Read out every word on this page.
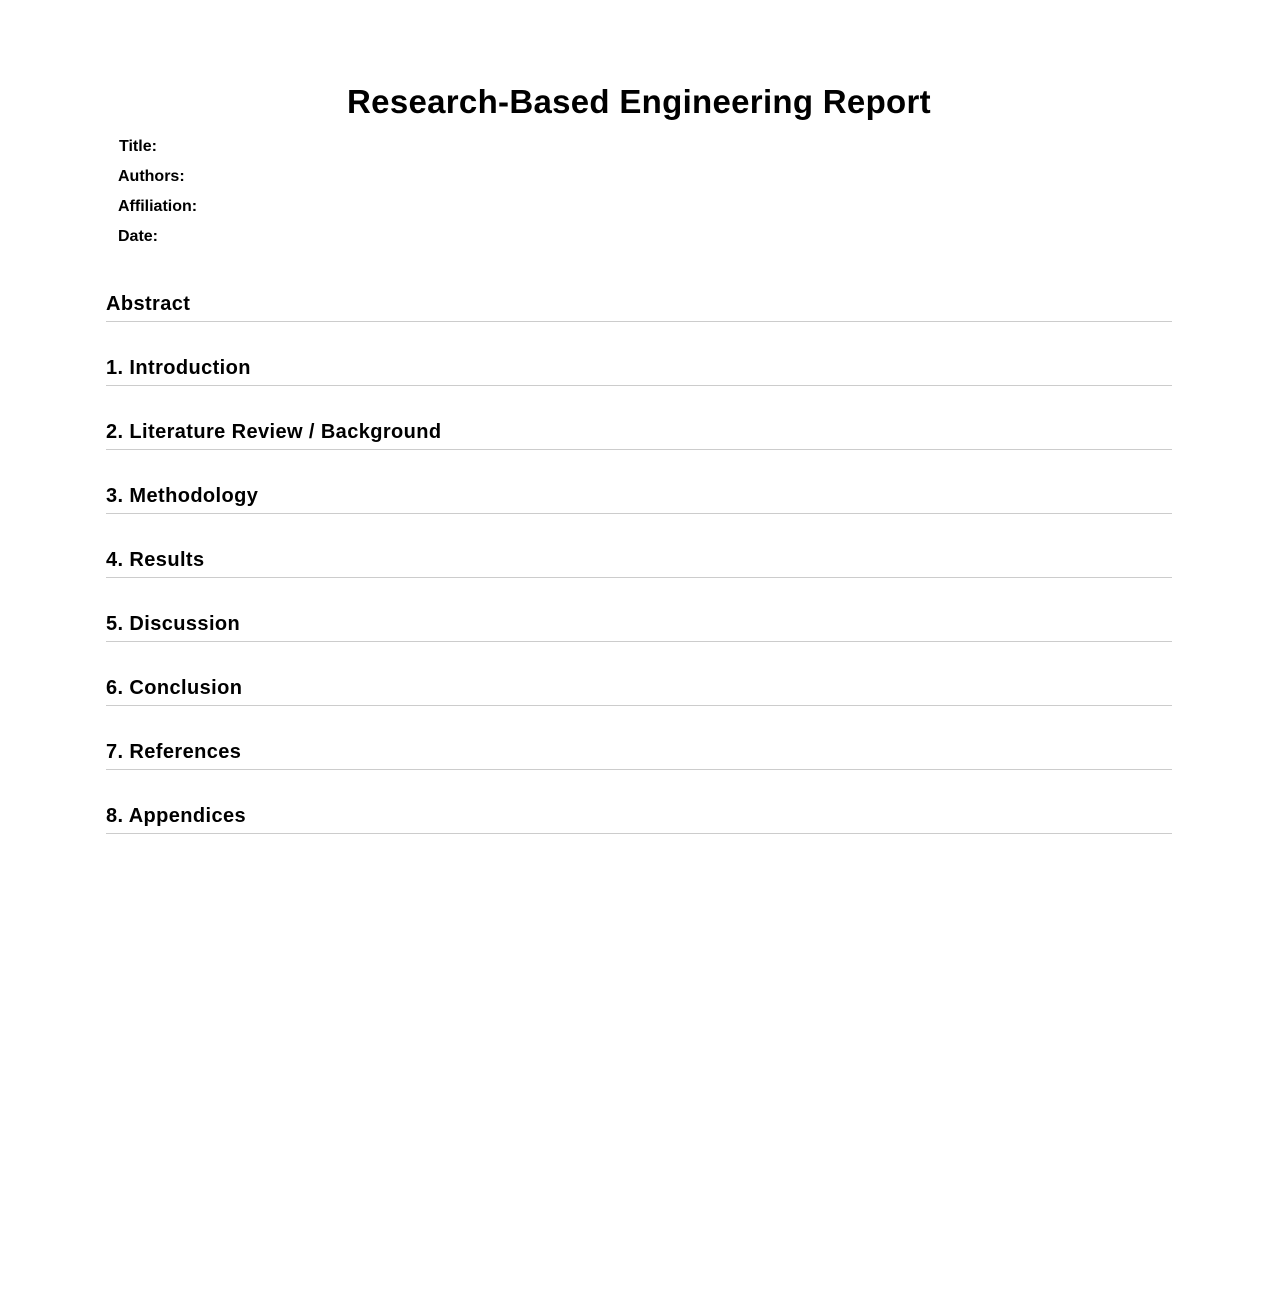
Research-Based Engineering Report
Title:
Authors:
Affiliation:
Date:
Abstract
1. Introduction
2. Literature Review / Background
3. Methodology
4. Results
5. Discussion
6. Conclusion
7. References
8. Appendices
